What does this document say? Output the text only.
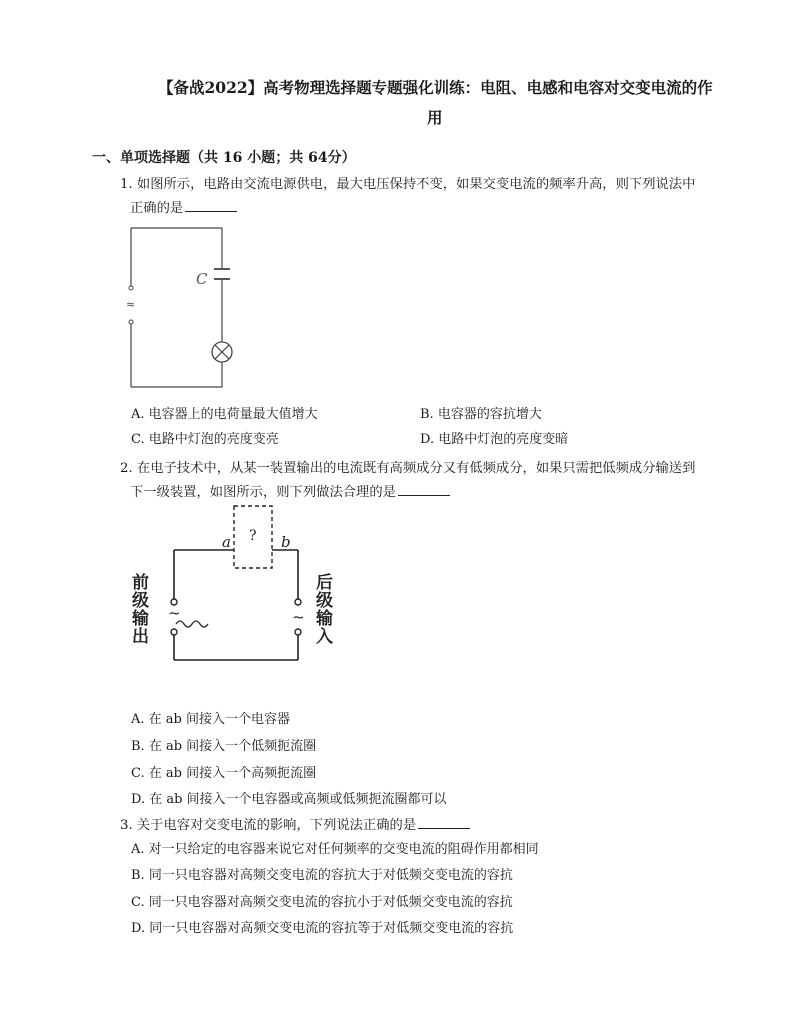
【备战2022】高考物理选择题专题强化训练：电阻、电感和电容对交变电流的作
用
一、单项选择题（共 16 小题；共 64分）
1. 如图所示，电路由交流电源供电，最大电压保持不变，如果交变电流的频率升高，则下列说法中
正确的是
C
≈
A. 电容器上的电荷量最大值增大	B. 电容器的容抗增大
C. 电路中灯泡的亮度变亮	D. 电路中灯泡的亮度变暗
2. 在电子技术中，从某一装置输出的电流既有高频成分又有低频成分，如果只需把低频成分输送到
下一级装置，如图所示，则下列做法合理的是
?
a	b
~	~
前
级
输
出
后
级
输
入
A. 在 ab 间接入一个电容器
B. 在 ab 间接入一个低频扼流圈
C. 在 ab 间接入一个高频扼流圈
D. 在 ab 间接入一个电容器或高频或低频扼流圈都可以
3. 关于电容对交变电流的影响，下列说法正确的是
A. 对一只给定的电容器来说它对任何频率的交变电流的阻碍作用都相同
B. 同一只电容器对高频交变电流的容抗大于对低频交变电流的容抗
C. 同一只电容器对高频交变电流的容抗小于对低频交变电流的容抗
D. 同一只电容器对高频交变电流的容抗等于对低频交变电流的容抗
